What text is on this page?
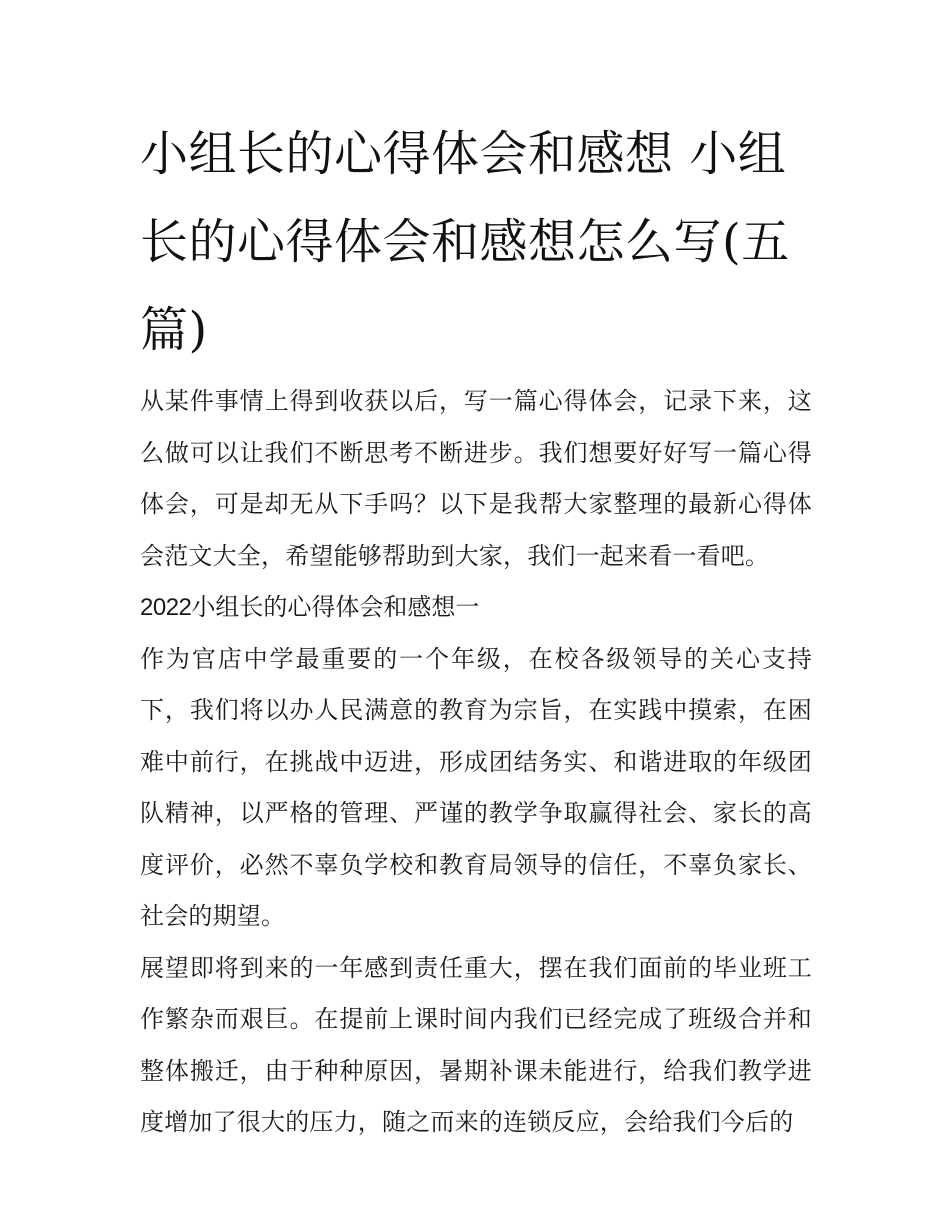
小组长的心得体会和感想 小组长的心得体会和感想怎么写(五篇)

从某件事情上得到收获以后，写一篇心得体会，记录下来，这么做可以让我们不断思考不断进步。我们想要好好写一篇心得体会，可是却无从下手吗？以下是我帮大家整理的最新心得体会范文大全，希望能够帮助到大家，我们一起来看一看吧。

2022小组长的心得体会和感想一

作为官店中学最重要的一个年级，在校各级领导的关心支持下，我们将以办人民满意的教育为宗旨，在实践中摸索，在困难中前行，在挑战中迈进，形成团结务实、和谐进取的年级团队精神，以严格的管理、严谨的教学争取赢得社会、家长的高度评价，必然不辜负学校和教育局领导的信任，不辜负家长、社会的期望。

展望即将到来的一年感到责任重大，摆在我们面前的毕业班工作繁杂而艰巨。在提前上课时间内我们已经完成了班级合并和整体搬迁，由于种种原因，暑期补课未能进行，给我们教学进度增加了很大的压力，随之而来的连锁反应，会给我们今后的
